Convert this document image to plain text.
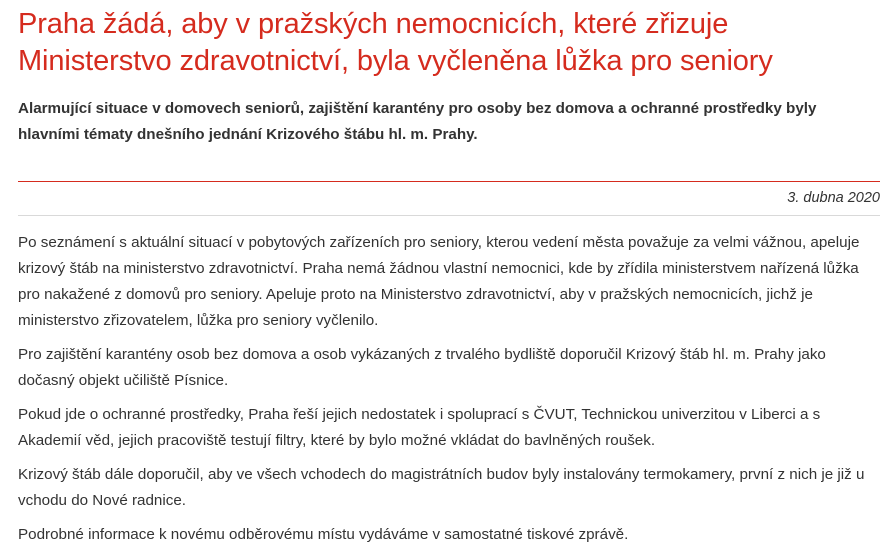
Praha žádá, aby v pražských nemocnicích, které zřizuje Ministerstvo zdravotnictví, byla vyčleněna lůžka pro seniory

Alarmující situace v domovech seniorů, zajištění karantény pro osoby bez domova a ochranné prostředky byly hlavními tématy dnešního jednání Krizového štábu hl. m. Prahy.

3. dubna 2020

Po seznámení s aktuální situací v pobytových zařízeních pro seniory, kterou vedení města považuje za velmi vážnou, apeluje krizový štáb na ministerstvo zdravotnictví. Praha nemá žádnou vlastní nemocnici, kde by zřídila ministerstvem nařízená lůžka pro nakažené z domovů pro seniory. Apeluje proto na Ministerstvo zdravotnictví, aby v pražských nemocnicích, jichž je ministerstvo zřizovatelem, lůžka pro seniory vyčlenilo.

Pro zajištění karantény osob bez domova a osob vykázaných z trvalého bydliště doporučil Krizový štáb hl. m. Prahy jako dočasný objekt učiliště Písnice.

Pokud jde o ochranné prostředky, Praha řeší jejich nedostatek i spoluprací s ČVUT, Technickou univerzitou v Liberci a s Akademií věd, jejich pracoviště testují filtry, které by bylo možné vkládat do bavlněných roušek.

Krizový štáb dále doporučil, aby ve všech vchodech do magistrátních budov byly instalovány termokamery, první z nich je již u vchodu do Nové radnice.

Podrobné informace k novému odběrovému místu vydáváme v samostatné tiskové zprávě.
